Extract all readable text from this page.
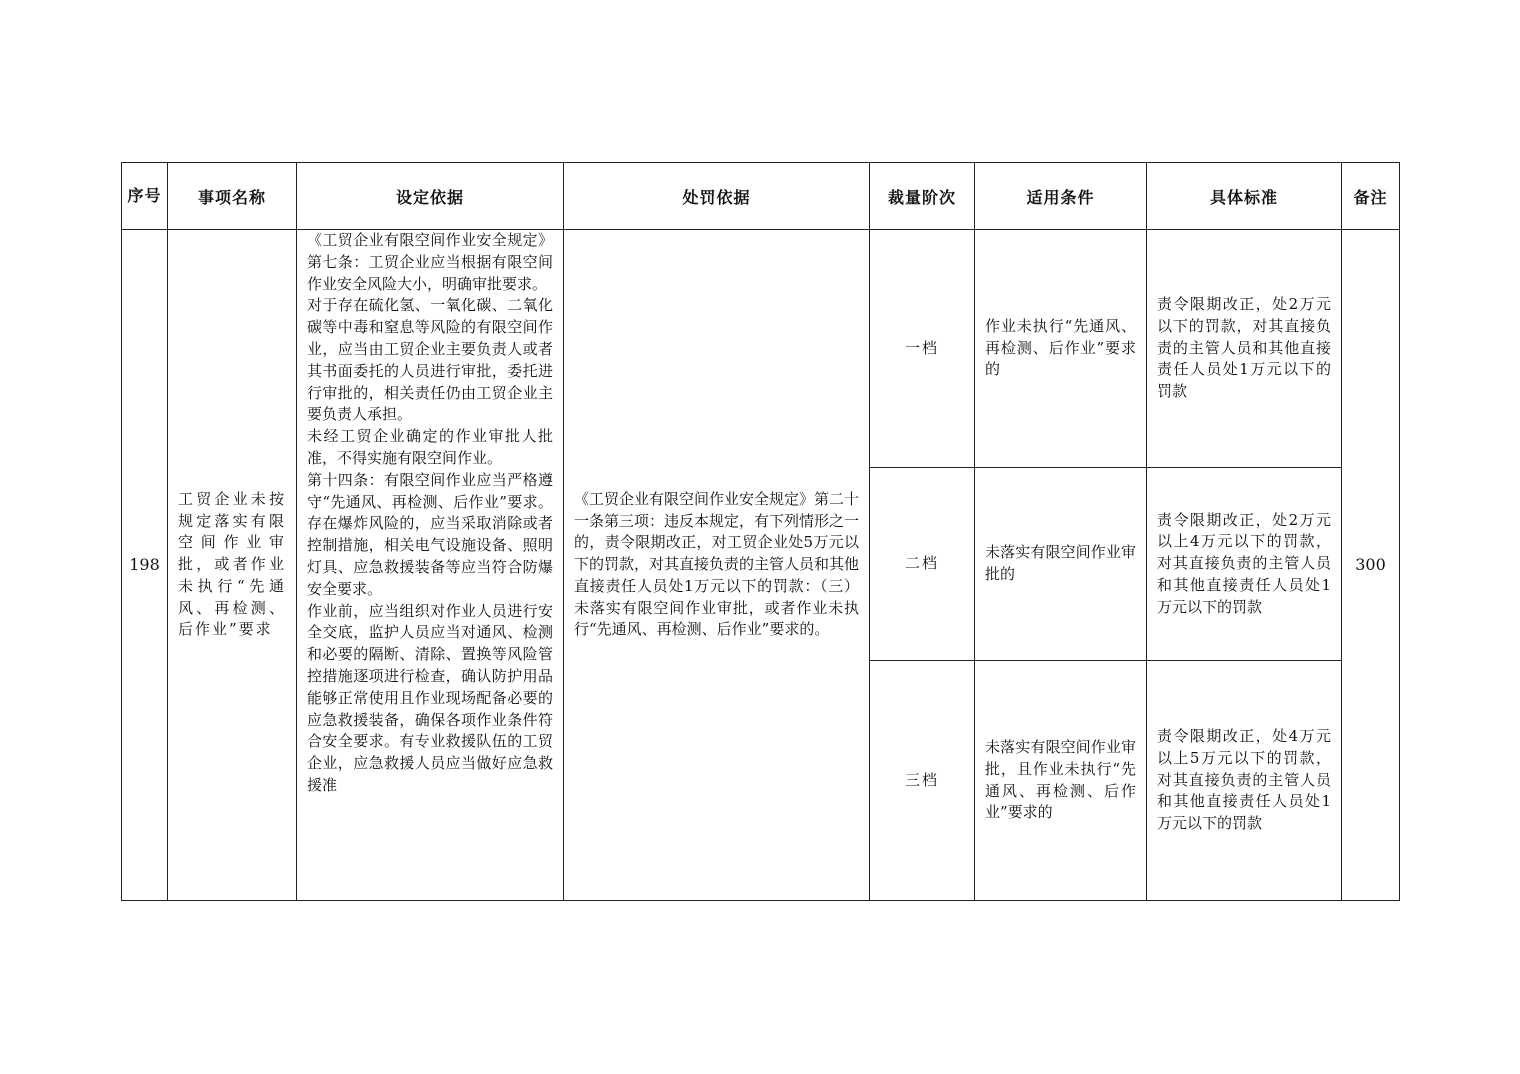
序号	事项名称	设定依据	处罚依据	裁量阶次	适用条件	具体标准	备注
198	工贸企业未按规定落实有限空间作业审批，或者作业未执行“先通风、再检测、后作业”要求	《工贸企业有限空间作业安全规定》第七条：工贸企业应当根据有限空间作业安全风险大小，明确审批要求。

对于存在硫化氢、一氧化碳、二氧化碳等中毒和窒息等风险的有限空间作业，应当由工贸企业主要负责人或者其书面委托的人员进行审批，委托进行审批的，相关责任仍由工贸企业主要负责人承担。

未经工贸企业确定的作业审批人批准，不得实施有限空间作业。

第十四条：有限空间作业应当严格遵守“先通风、再检测、后作业”要求。存在爆炸风险的，应当采取消除或者控制措施，相关电气设施设备、照明灯具、应急救援装备等应当符合防爆安全要求。

作业前，应当组织对作业人员进行安全交底，监护人员应当对通风、检测和必要的隔断、清除、置换等风险管控措施逐项进行检查，确认防护用品能够正常使用且作业现场配备必要的应急救援装备，确保各项作业条件符合安全要求。有专业救援队伍的工贸企业，应急救援人员应当做好应急救援准	《工贸企业有限空间作业安全规定》第二十一条第三项：违反本规定，有下列情形之一的，责令限期改正，对工贸企业处5万元以下的罚款，对其直接负责的主管人员和其他直接责任人员处1万元以下的罚款：（三）未落实有限空间作业审批，或者作业未执行“先通风、再检测、后作业”要求的。	一档	作业未执行“先通风、再检测、后作业”要求的	责令限期改正，处2万元以下的罚款，对其直接负责的主管人员和其他直接责任人员处1万元以下的罚款	300
				二档	未落实有限空间作业审批的	责令限期改正，处2万元以上4万元以下的罚款，对其直接负责的主管人员和其他直接责任人员处1万元以下的罚款	
				三档	未落实有限空间作业审批，且作业未执行“先通风、再检测、后作业”要求的	责令限期改正，处4万元以上5万元以下的罚款，对其直接负责的主管人员和其他直接责任人员处1万元以下的罚款	
